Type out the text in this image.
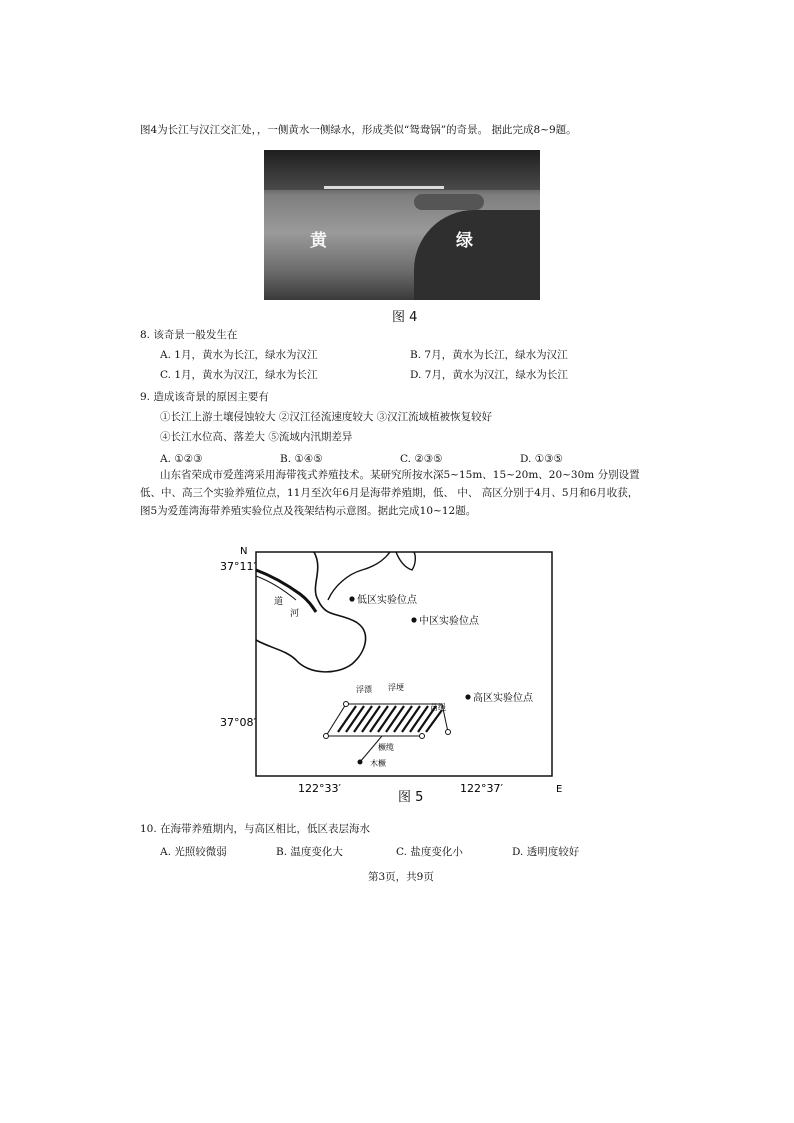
图4为长江与汉江交汇处，，一侧黄水一侧绿水，形成类似“鸳鸯锅”的奇景。 据此完成8~9题。
黄	绿
图 4
8. 该奇景一般发生在
A. 1月，黄水为长江，绿水为汉江	B. 7月，黄水为长江，绿水为汉江
C. 1月，黄水为汉江，绿水为长江	D. 7月，黄水为汉江，绿水为长江
9. 造成该奇景的原因主要有
①长江上游土壤侵蚀较大 ②汉江径流速度较大 ③汉江流域植被恢复较好
④长江水位高、落差大 ⑤流域内汛期差异
A. ①②③	B. ①④⑤	C. ②③⑤	D. ①③⑤
山东省荣成市爱莲湾采用海带筏式养殖技术。某研究所按水深5~15m、15~20m、20~30m 分别设置低、中、高三个实验养殖位点，11月至次年6月是海带养殖期，低、 中、 高区分别于4月、5月和6月收获，图5为爱莲湾海带养殖实验位点及筏架结构示意图。据此完成10~12题。
N
E
37°11′
37°08′
122°33′	122°37′
辛
道
河
低区实验位点
中区实验位点
高区实验位点
浮漂 浮埂
苗绳
橛缆
木橛
图 5
10. 在海带养殖期内，与高区相比，低区表层海水
A. 光照较微弱	B. 温度变化大	C. 盐度变化小	D. 透明度较好
第3页，共9页
